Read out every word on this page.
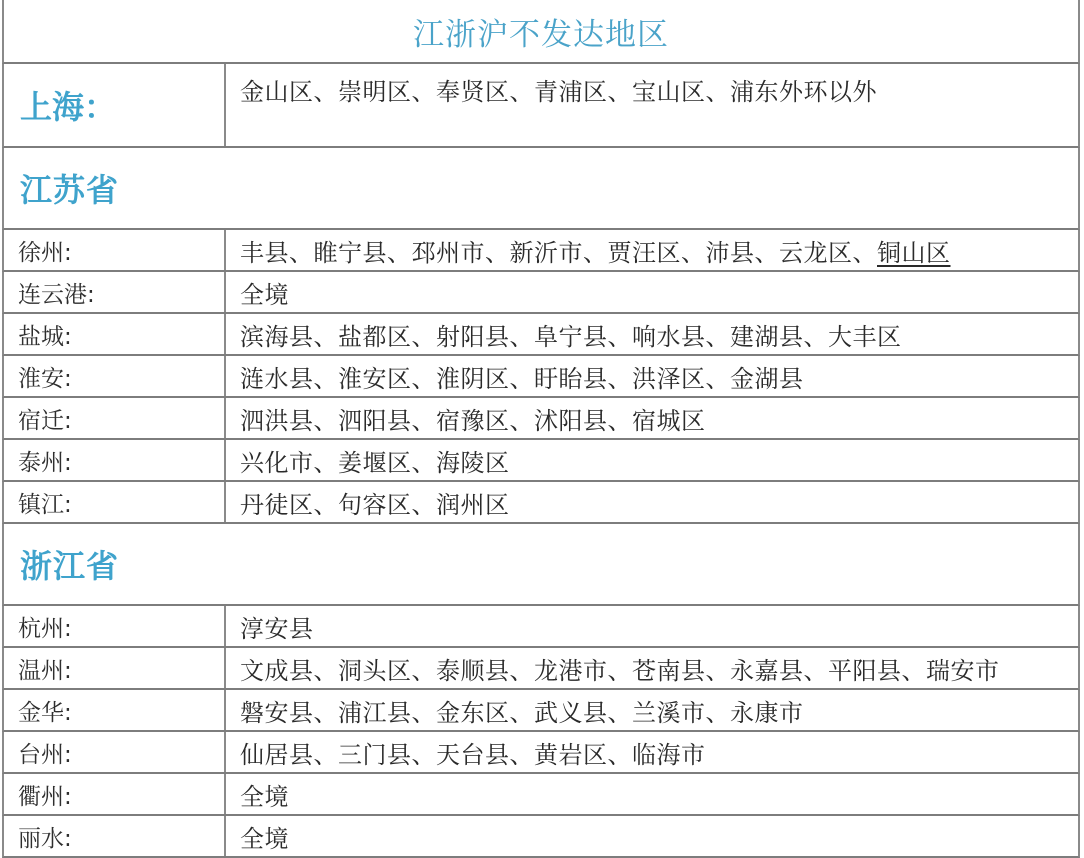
江浙沪不发达地区
上海：	金山区、崇明区、奉贤区、青浦区、宝山区、浦东外环以外
江苏省
徐州:	丰县、睢宁县、邳州市、新沂市、贾汪区、沛县、云龙区、 铜山区
连云港:	全境
盐城:	滨海县、盐都区、射阳县、阜宁县、响水县、建湖县、大丰区
淮安:	涟水县、淮安区、淮阴区、盱眙县、洪泽区、金湖县
宿迁:	泗洪县、泗阳县、宿豫区、沭阳县、宿城区
泰州:	兴化市、姜堰区、海陵区
镇江:	丹徒区、句容区、润州区
浙江省
杭州:	淳安县
温州:	文成县、洞头区、泰顺县、龙港市、苍南县、永嘉县、平阳县、瑞安市
金华:	磐安县、浦江县、金东区、武义县、兰溪市、永康市
台州:	仙居县、三门县、天台县、黄岩区、临海市
衢州:	全境
丽水:	全境
